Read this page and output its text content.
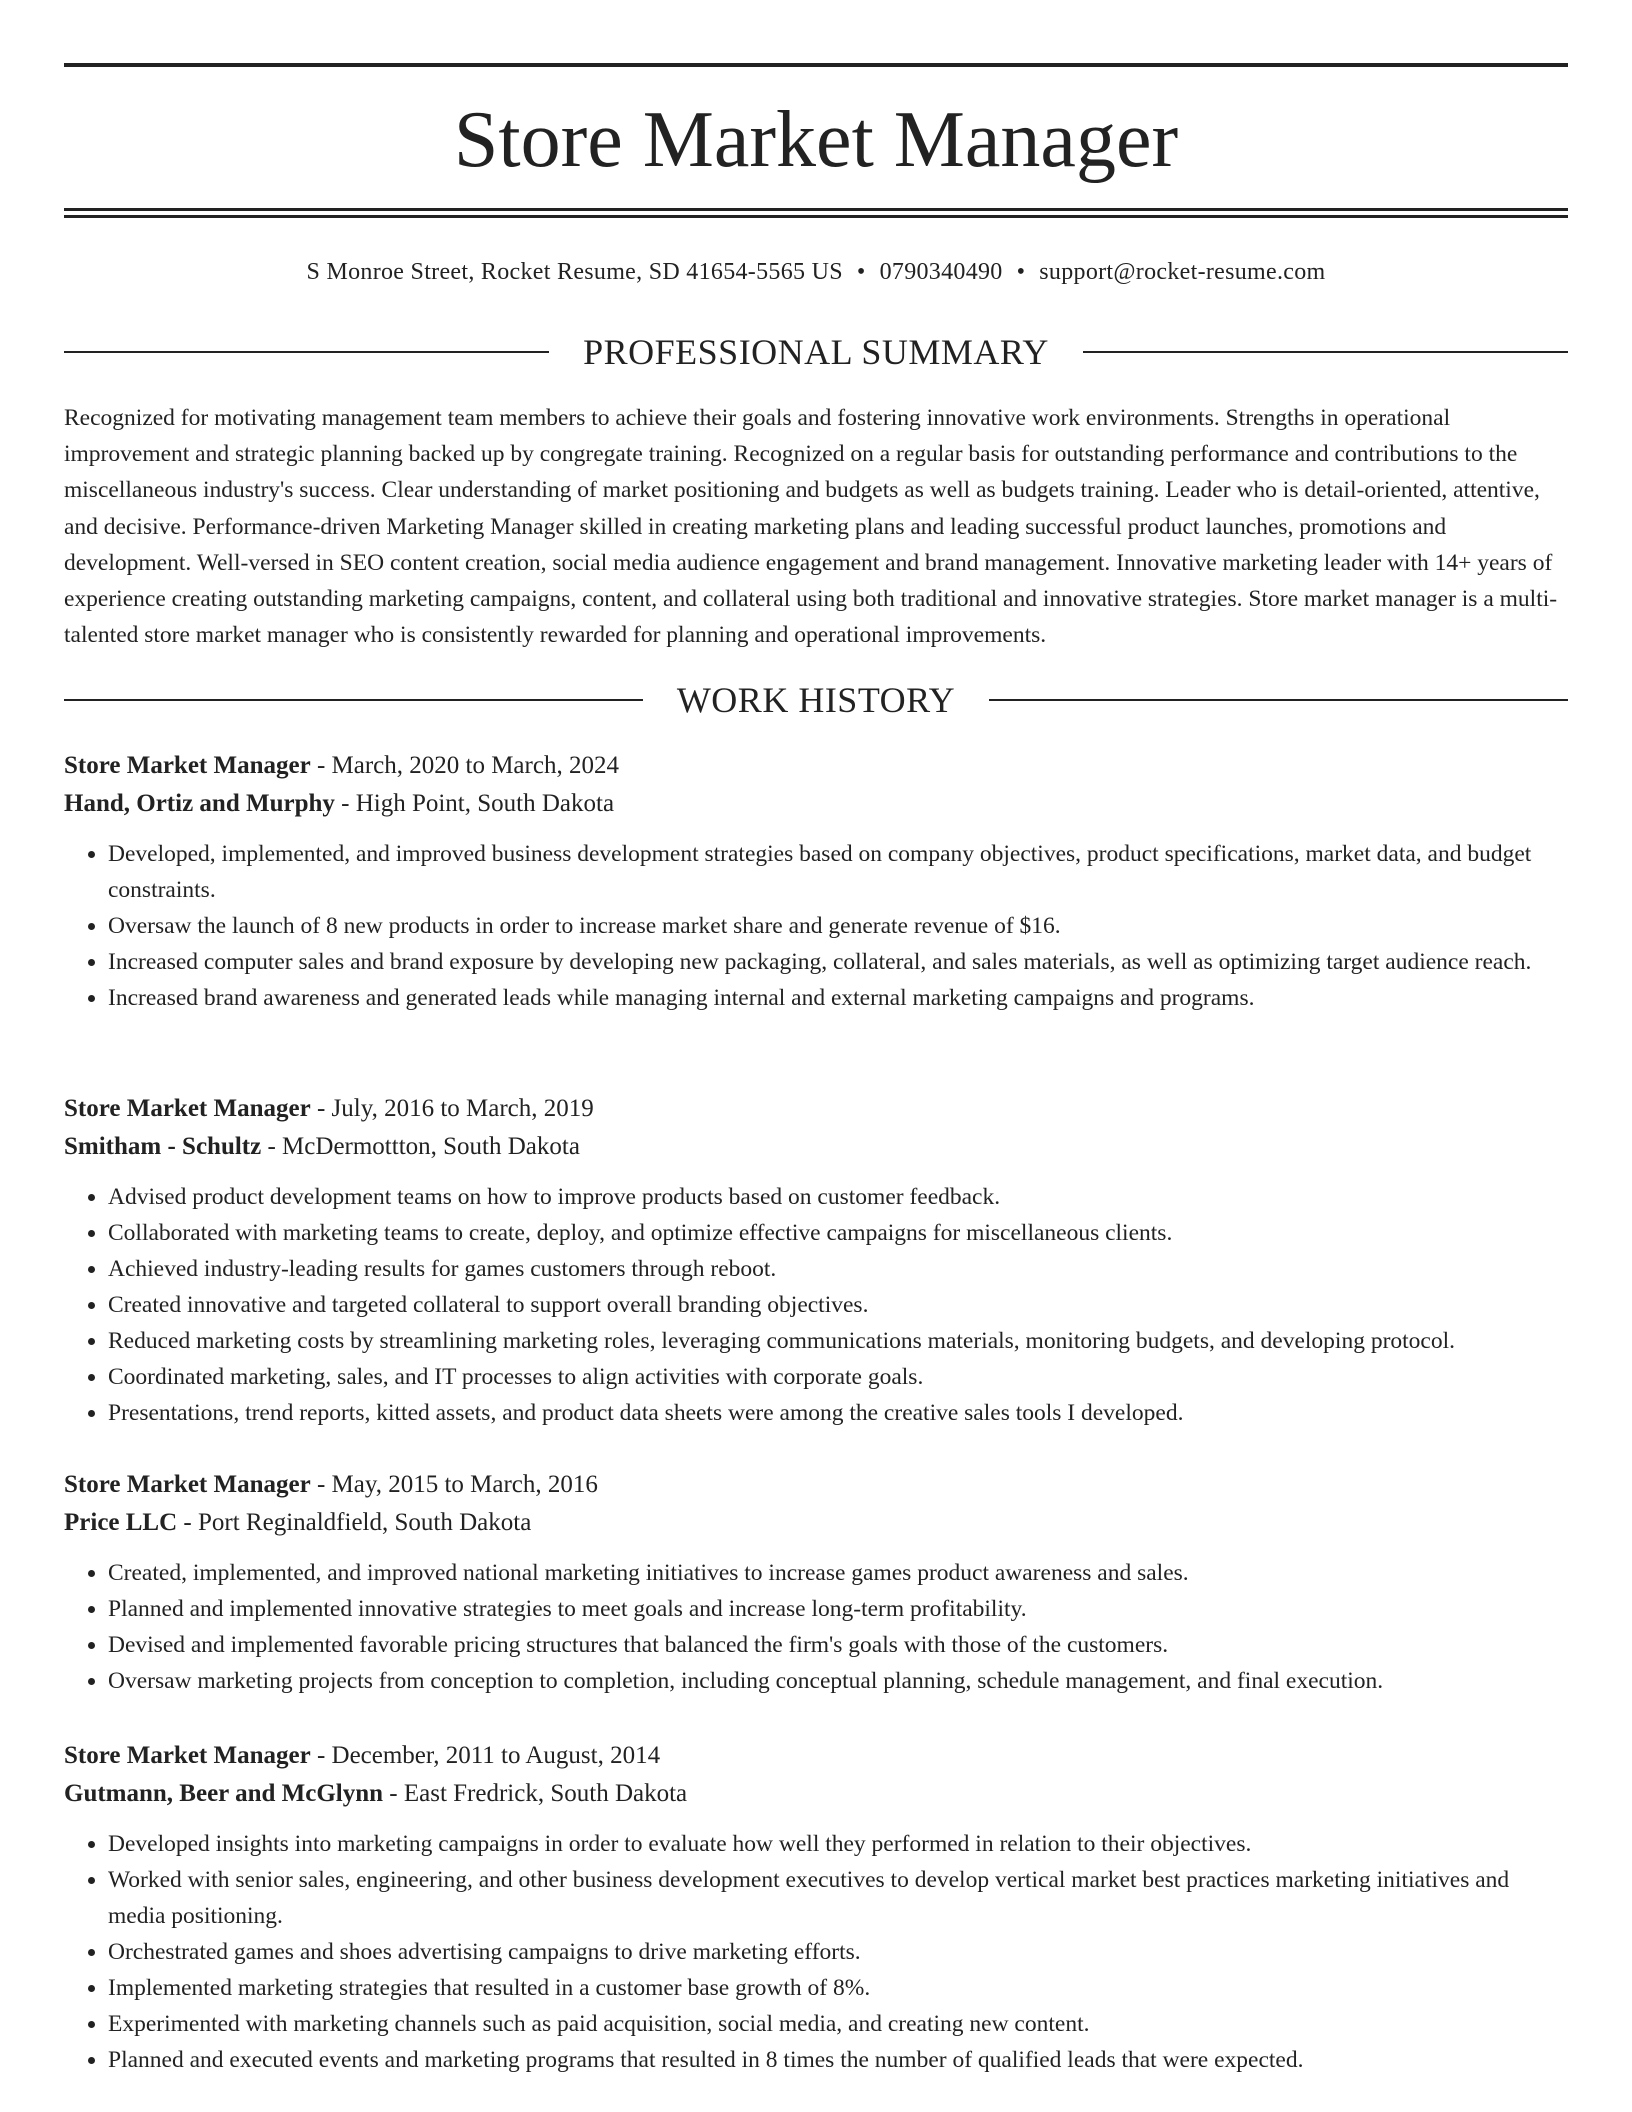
Store Market Manager
S Monroe Street, Rocket Resume, SD 41654-5565 US • 0790340490 • support@rocket-resume.com
PROFESSIONAL SUMMARY

Recognized for motivating management team members to achieve their goals and fostering innovative work environments. Strengths in operational improvement and strategic planning backed up by congregate training. Recognized on a regular basis for outstanding performance and contributions to the miscellaneous industry's success. Clear understanding of market positioning and budgets as well as budgets training. Leader who is detail-oriented, attentive, and decisive. Performance-driven Marketing Manager skilled in creating marketing plans and leading successful product launches, promotions and development. Well-versed in SEO content creation, social media audience engagement and brand management. Innovative marketing leader with 14+ years of experience creating outstanding marketing campaigns, content, and collateral using both traditional and innovative strategies. Store market manager is a multi-talented store market manager who is consistently rewarded for planning and operational improvements.

WORK HISTORY
Store Market Manager - March, 2020 to March, 2024
Hand, Ortiz and Murphy - High Point, South Dakota
• Developed, implemented, and improved business development strategies based on company objectives, product specifications, market data, and budget constraints.
• Oversaw the launch of 8 new products in order to increase market share and generate revenue of $16.
• Increased computer sales and brand exposure by developing new packaging, collateral, and sales materials, as well as optimizing target audience reach.
• Increased brand awareness and generated leads while managing internal and external marketing campaigns and programs.
Store Market Manager - July, 2016 to March, 2019
Smitham - Schultz - McDermottton, South Dakota
• Advised product development teams on how to improve products based on customer feedback.
• Collaborated with marketing teams to create, deploy, and optimize effective campaigns for miscellaneous clients.
• Achieved industry-leading results for games customers through reboot.
• Created innovative and targeted collateral to support overall branding objectives.
• Reduced marketing costs by streamlining marketing roles, leveraging communications materials, monitoring budgets, and developing protocol.
• Coordinated marketing, sales, and IT processes to align activities with corporate goals.
• Presentations, trend reports, kitted assets, and product data sheets were among the creative sales tools I developed.
Store Market Manager - May, 2015 to March, 2016
Price LLC - Port Reginaldfield, South Dakota
• Created, implemented, and improved national marketing initiatives to increase games product awareness and sales.
• Planned and implemented innovative strategies to meet goals and increase long-term profitability.
• Devised and implemented favorable pricing structures that balanced the firm's goals with those of the customers.
• Oversaw marketing projects from conception to completion, including conceptual planning, schedule management, and final execution.
Store Market Manager - December, 2011 to August, 2014
Gutmann, Beer and McGlynn - East Fredrick, South Dakota
• Developed insights into marketing campaigns in order to evaluate how well they performed in relation to their objectives.
• Worked with senior sales, engineering, and other business development executives to develop vertical market best practices marketing initiatives and media positioning.
• Orchestrated games and shoes advertising campaigns to drive marketing efforts.
• Implemented marketing strategies that resulted in a customer base growth of 8%.
• Experimented with marketing channels such as paid acquisition, social media, and creating new content.
• Planned and executed events and marketing programs that resulted in 8 times the number of qualified leads that were expected.
